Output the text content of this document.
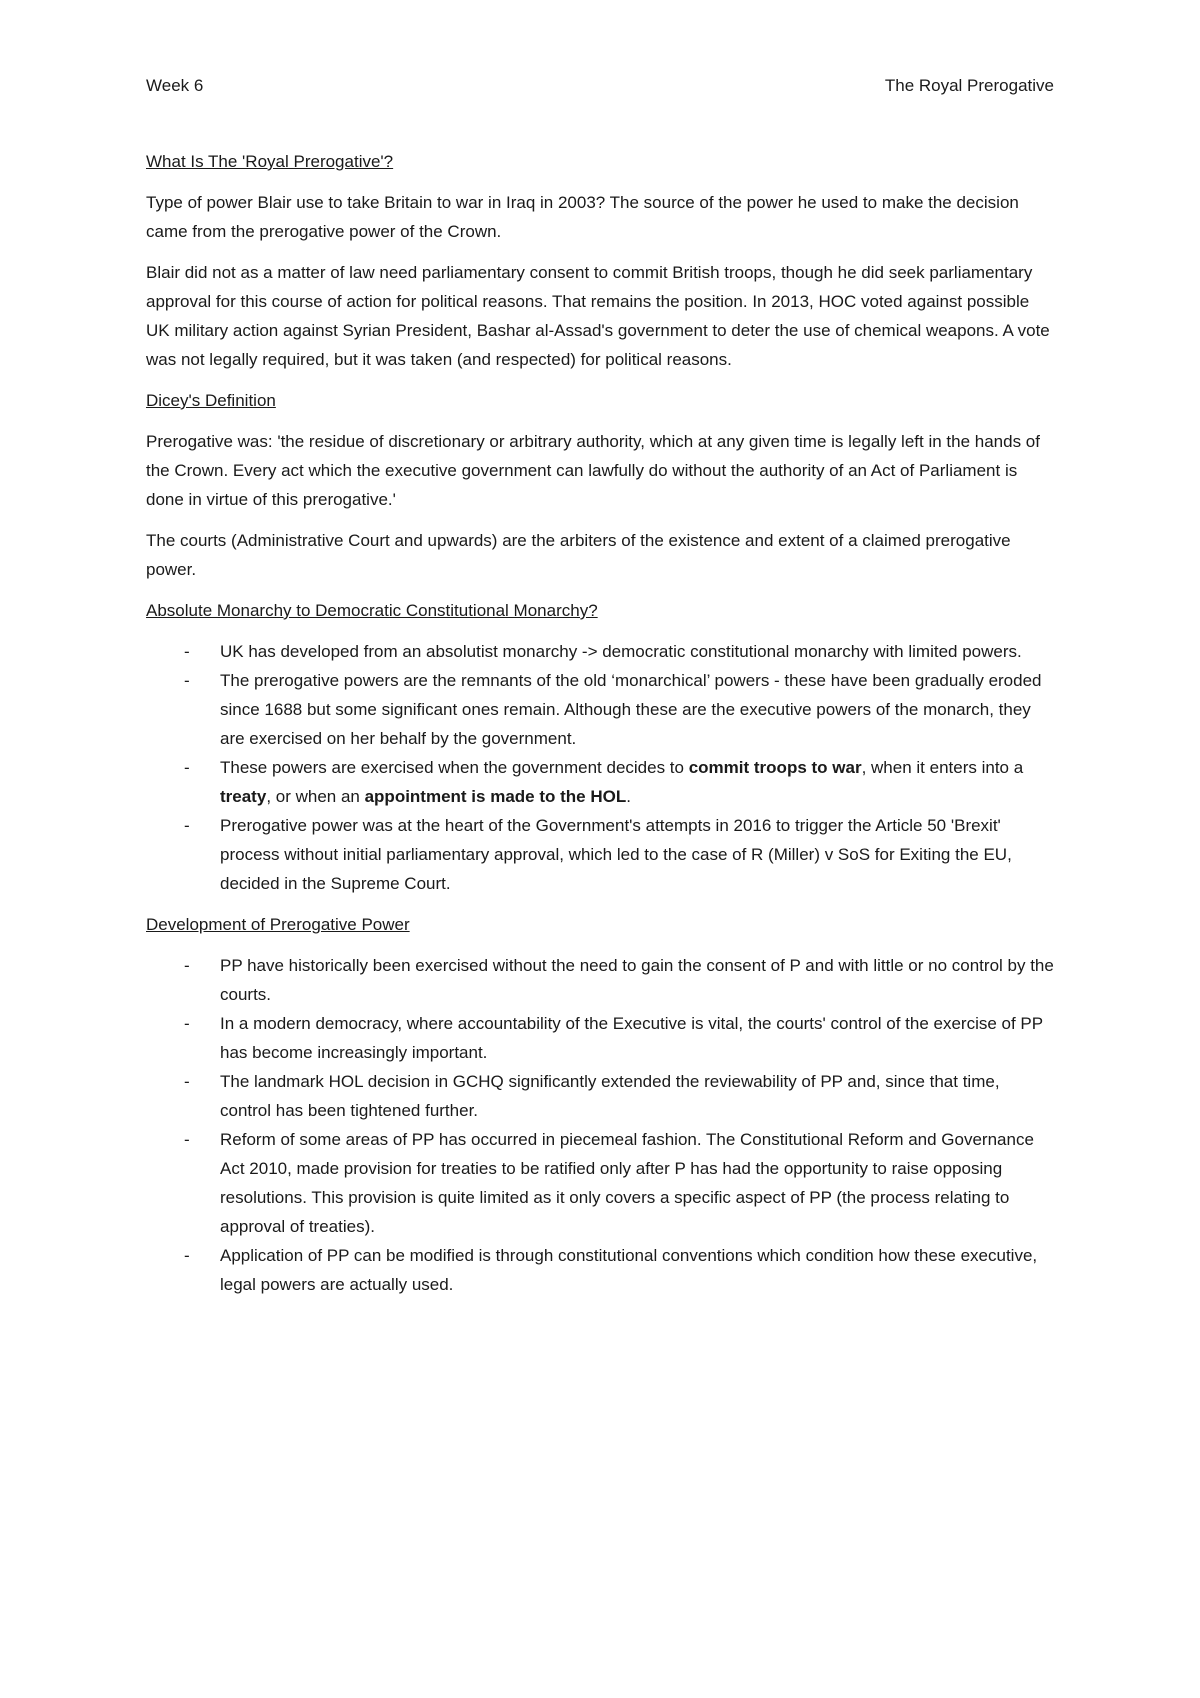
Week 6	The Royal Prerogative
What Is The 'Royal Prerogative'?

Type of power Blair use to take Britain to war in Iraq in 2003? The source of the power he used to make the decision came from the prerogative power of the Crown.

Blair did not as a matter of law need parliamentary consent to commit British troops, though he did seek parliamentary approval for this course of action for political reasons. That remains the position. In 2013, HOC voted against possible UK military action against Syrian President, Bashar al-Assad's government to deter the use of chemical weapons. A vote was not legally required, but it was taken (and respected) for political reasons.

Dicey's Definition

Prerogative was: 'the residue of discretionary or arbitrary authority, which at any given time is legally left in the hands of the Crown. Every act which the executive government can lawfully do without the authority of an Act of Parliament is done in virtue of this prerogative.'

The courts (Administrative Court and upwards) are the arbiters of the existence and extent of a claimed prerogative power.

Absolute Monarchy to Democratic Constitutional Monarchy?
- UK has developed from an absolutist monarchy -> democratic constitutional monarchy with limited powers.
- The prerogative powers are the remnants of the old ‘monarchical’ powers - these have been gradually eroded since 1688 but some significant ones remain. Although these are the executive powers of the monarch, they are exercised on her behalf by the government.
- These powers are exercised when the government decides to commit troops to war, when it enters into a treaty, or when an appointment is made to the HOL.
- Prerogative power was at the heart of the Government's attempts in 2016 to trigger the Article 50 'Brexit' process without initial parliamentary approval, which led to the case of R (Miller) v SoS for Exiting the EU, decided in the Supreme Court.
Development of Prerogative Power
- PP have historically been exercised without the need to gain the consent of P and with little or no control by the courts.
- In a modern democracy, where accountability of the Executive is vital, the courts' control of the exercise of PP has become increasingly important.
- The landmark HOL decision in GCHQ significantly extended the reviewability of PP and, since that time, control has been tightened further.
- Reform of some areas of PP has occurred in piecemeal fashion. The Constitutional Reform and Governance Act 2010, made provision for treaties to be ratified only after P has had the opportunity to raise opposing resolutions. This provision is quite limited as it only covers a specific aspect of PP (the process relating to approval of treaties).
- Application of PP can be modified is through constitutional conventions which condition how these executive, legal powers are actually used.
